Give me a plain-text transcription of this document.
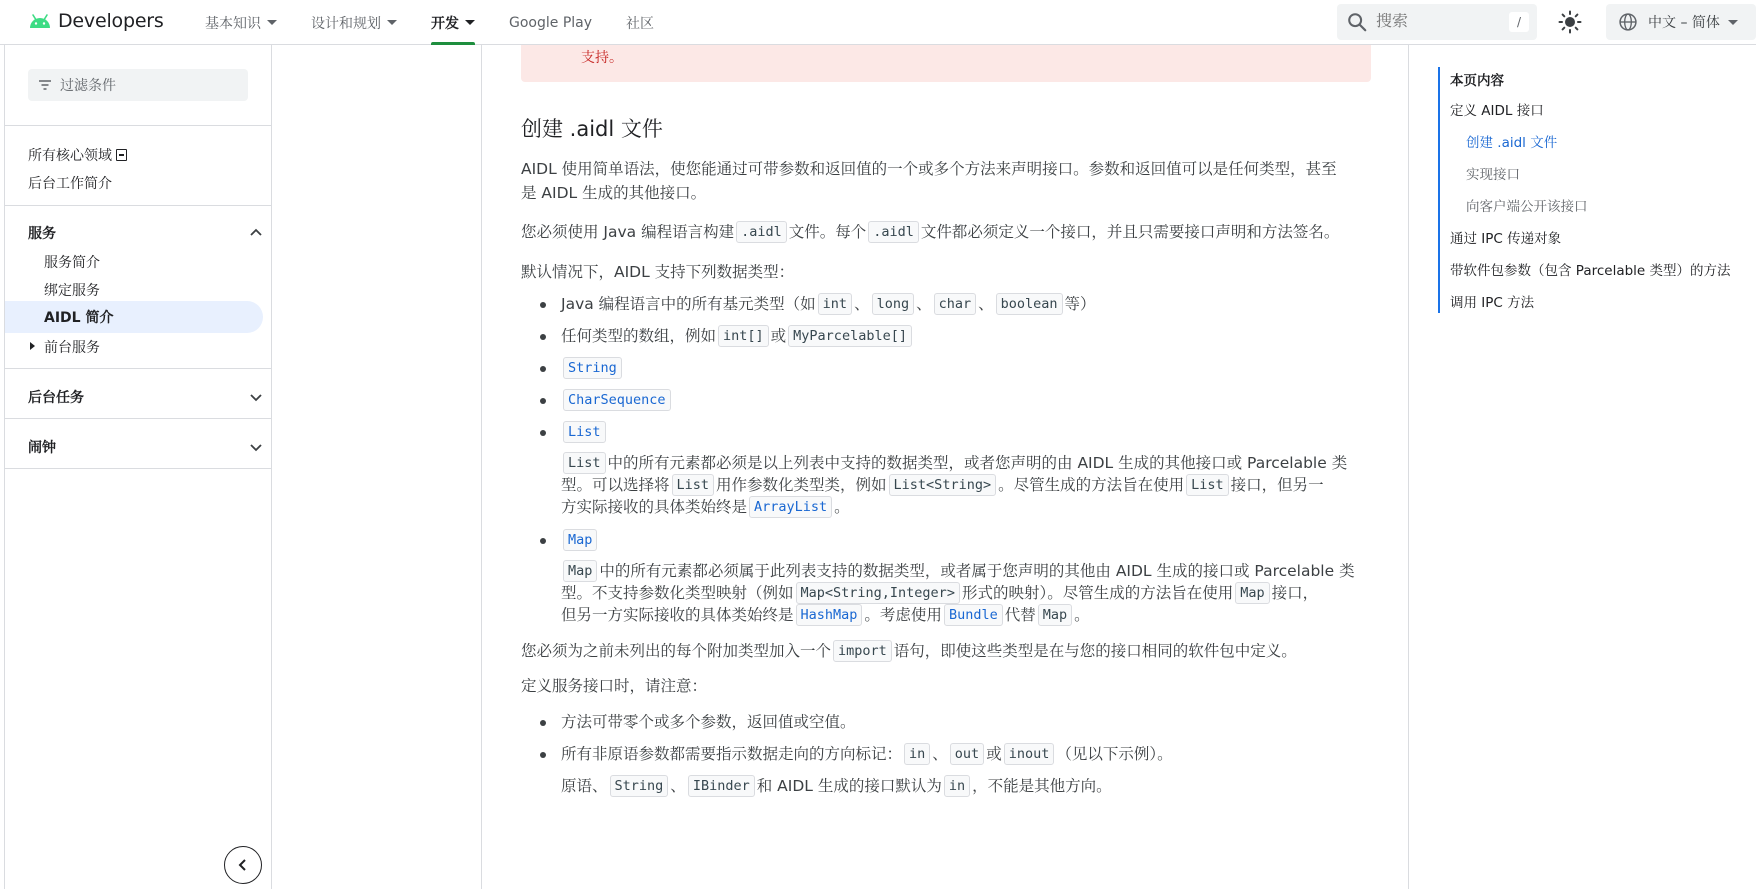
Developers	基本知识	设计和规划	开发	Google Play 社区
搜索	/	中文 – 简体
过滤条件
所有核心领域
后台工作简介
服务
服务简介
绑定服务
AIDL 简介
前台服务
后台任务
闹钟
支持。
创建 .aidl 文件
AIDL 使用简单语法，使您能通过可带参数和返回值的一个或多个方法来声明接口。参数和返回值可以是任何类型，甚至
是 AIDL 生成的其他接口。
您必须使用 Java 编程语言构建 .aidl 文件。每个 .aidl 文件都必须定义一个接口，并且只需要接口声明和方法签名。
默认情况下，AIDL 支持下列数据类型：
Java 编程语言中的所有基元类型（如 int 、 long 、 char 、 boolean 等）
任何类型的数组，例如 int[] 或 MyParcelable[]
String
CharSequence
List
List 中的所有元素都必须是以上列表中支持的数据类型，或者您声明的由 AIDL 生成的其他接口或 Parcelable 类
型。可以选择将 List 用作参数化类型类，例如 List<String> 。尽管生成的方法旨在使用 List 接口，但另一
方实际接收的具体类始终是 ArrayList 。
Map
Map 中的所有元素都必须属于此列表支持的数据类型，或者属于您声明的其他由 AIDL 生成的接口或 Parcelable 类
型。不支持参数化类型映射（例如 Map<String,Integer> 形式的映射）。尽管生成的方法旨在使用 Map 接口，
但另一方实际接收的具体类始终是 HashMap 。考虑使用 Bundle 代替 Map 。
您必须为之前未列出的每个附加类型加入一个 import 语句，即使这些类型是在与您的接口相同的软件包中定义。
定义服务接口时，请注意：
方法可带零个或多个参数，返回值或空值。
所有非原语参数都需要指示数据走向的方向标记： in 、 out 或 inout （见以下示例）。
原语、 String 、 IBinder 和 AIDL 生成的接口默认为 in ，不能是其他方向。
本页内容
定义 AIDL 接口
创建 .aidl 文件
实现接口
向客户端公开该接口
通过 IPC 传递对象
带软件包参数（包含 Parcelable 类型）的方法
调用 IPC 方法
